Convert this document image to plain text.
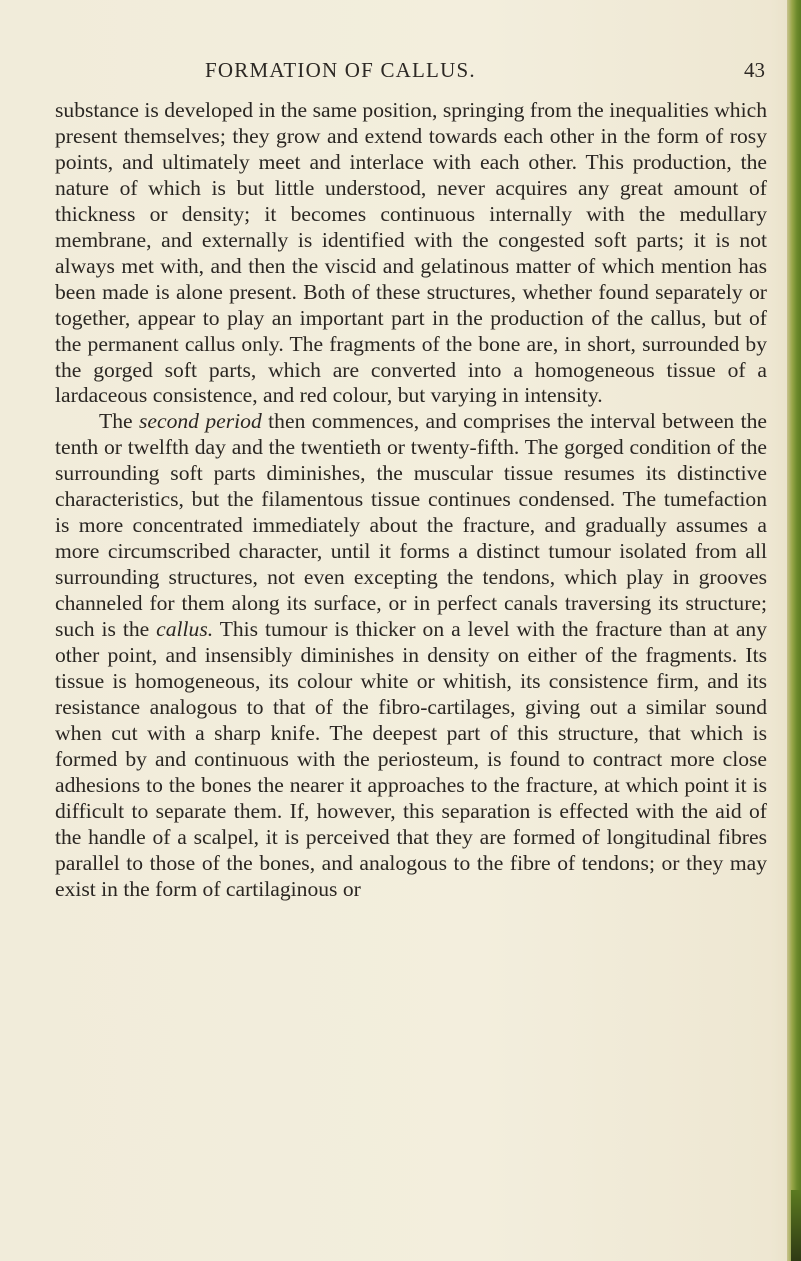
FORMATION OF CALLUS.	43

substance is developed in the same position, springing from the inequalities which present themselves; they grow and extend towards each other in the form of rosy points, and ultimately meet and interlace with each other. This production, the nature of which is but little understood, never acquires any great amount of thickness or density; it becomes continuous internally with the medullary membrane, and externally is identified with the congested soft parts; it is not always met with, and then the viscid and gelatinous matter of which mention has been made is alone present. Both of these structures, whether found separately or together, appear to play an important part in the production of the callus, but of the permanent callus only. The fragments of the bone are, in short, surrounded by the gorged soft parts, which are converted into a homogeneous tissue of a lardaceous consistence, and red colour, but varying in intensity.

The second period then commences, and comprises the interval between the tenth or twelfth day and the twentieth or twenty-fifth. The gorged condition of the surrounding soft parts diminishes, the muscular tissue resumes its distinctive characteristics, but the filamentous tissue continues condensed. The tumefaction is more concentrated immediately about the fracture, and gradually assumes a more circumscribed character, until it forms a distinct tumour isolated from all surrounding structures, not even excepting the tendons, which play in grooves channeled for them along its surface, or in perfect canals traversing its structure; such is the callus. This tumour is thicker on a level with the fracture than at any other point, and insensibly diminishes in density on either of the fragments. Its tissue is homogeneous, its colour white or whitish, its consistence firm, and its resistance analogous to that of the fibro-cartilages, giving out a similar sound when cut with a sharp knife. The deepest part of this structure, that which is formed by and continuous with the periosteum, is found to contract more close adhesions to the bones the nearer it approaches to the fracture, at which point it is difficult to separate them. If, however, this separation is effected with the aid of the handle of a scalpel, it is perceived that they are formed of longitudinal fibres parallel to those of the bones, and analogous to the fibre of tendons; or they may exist in the form of cartilaginous or
